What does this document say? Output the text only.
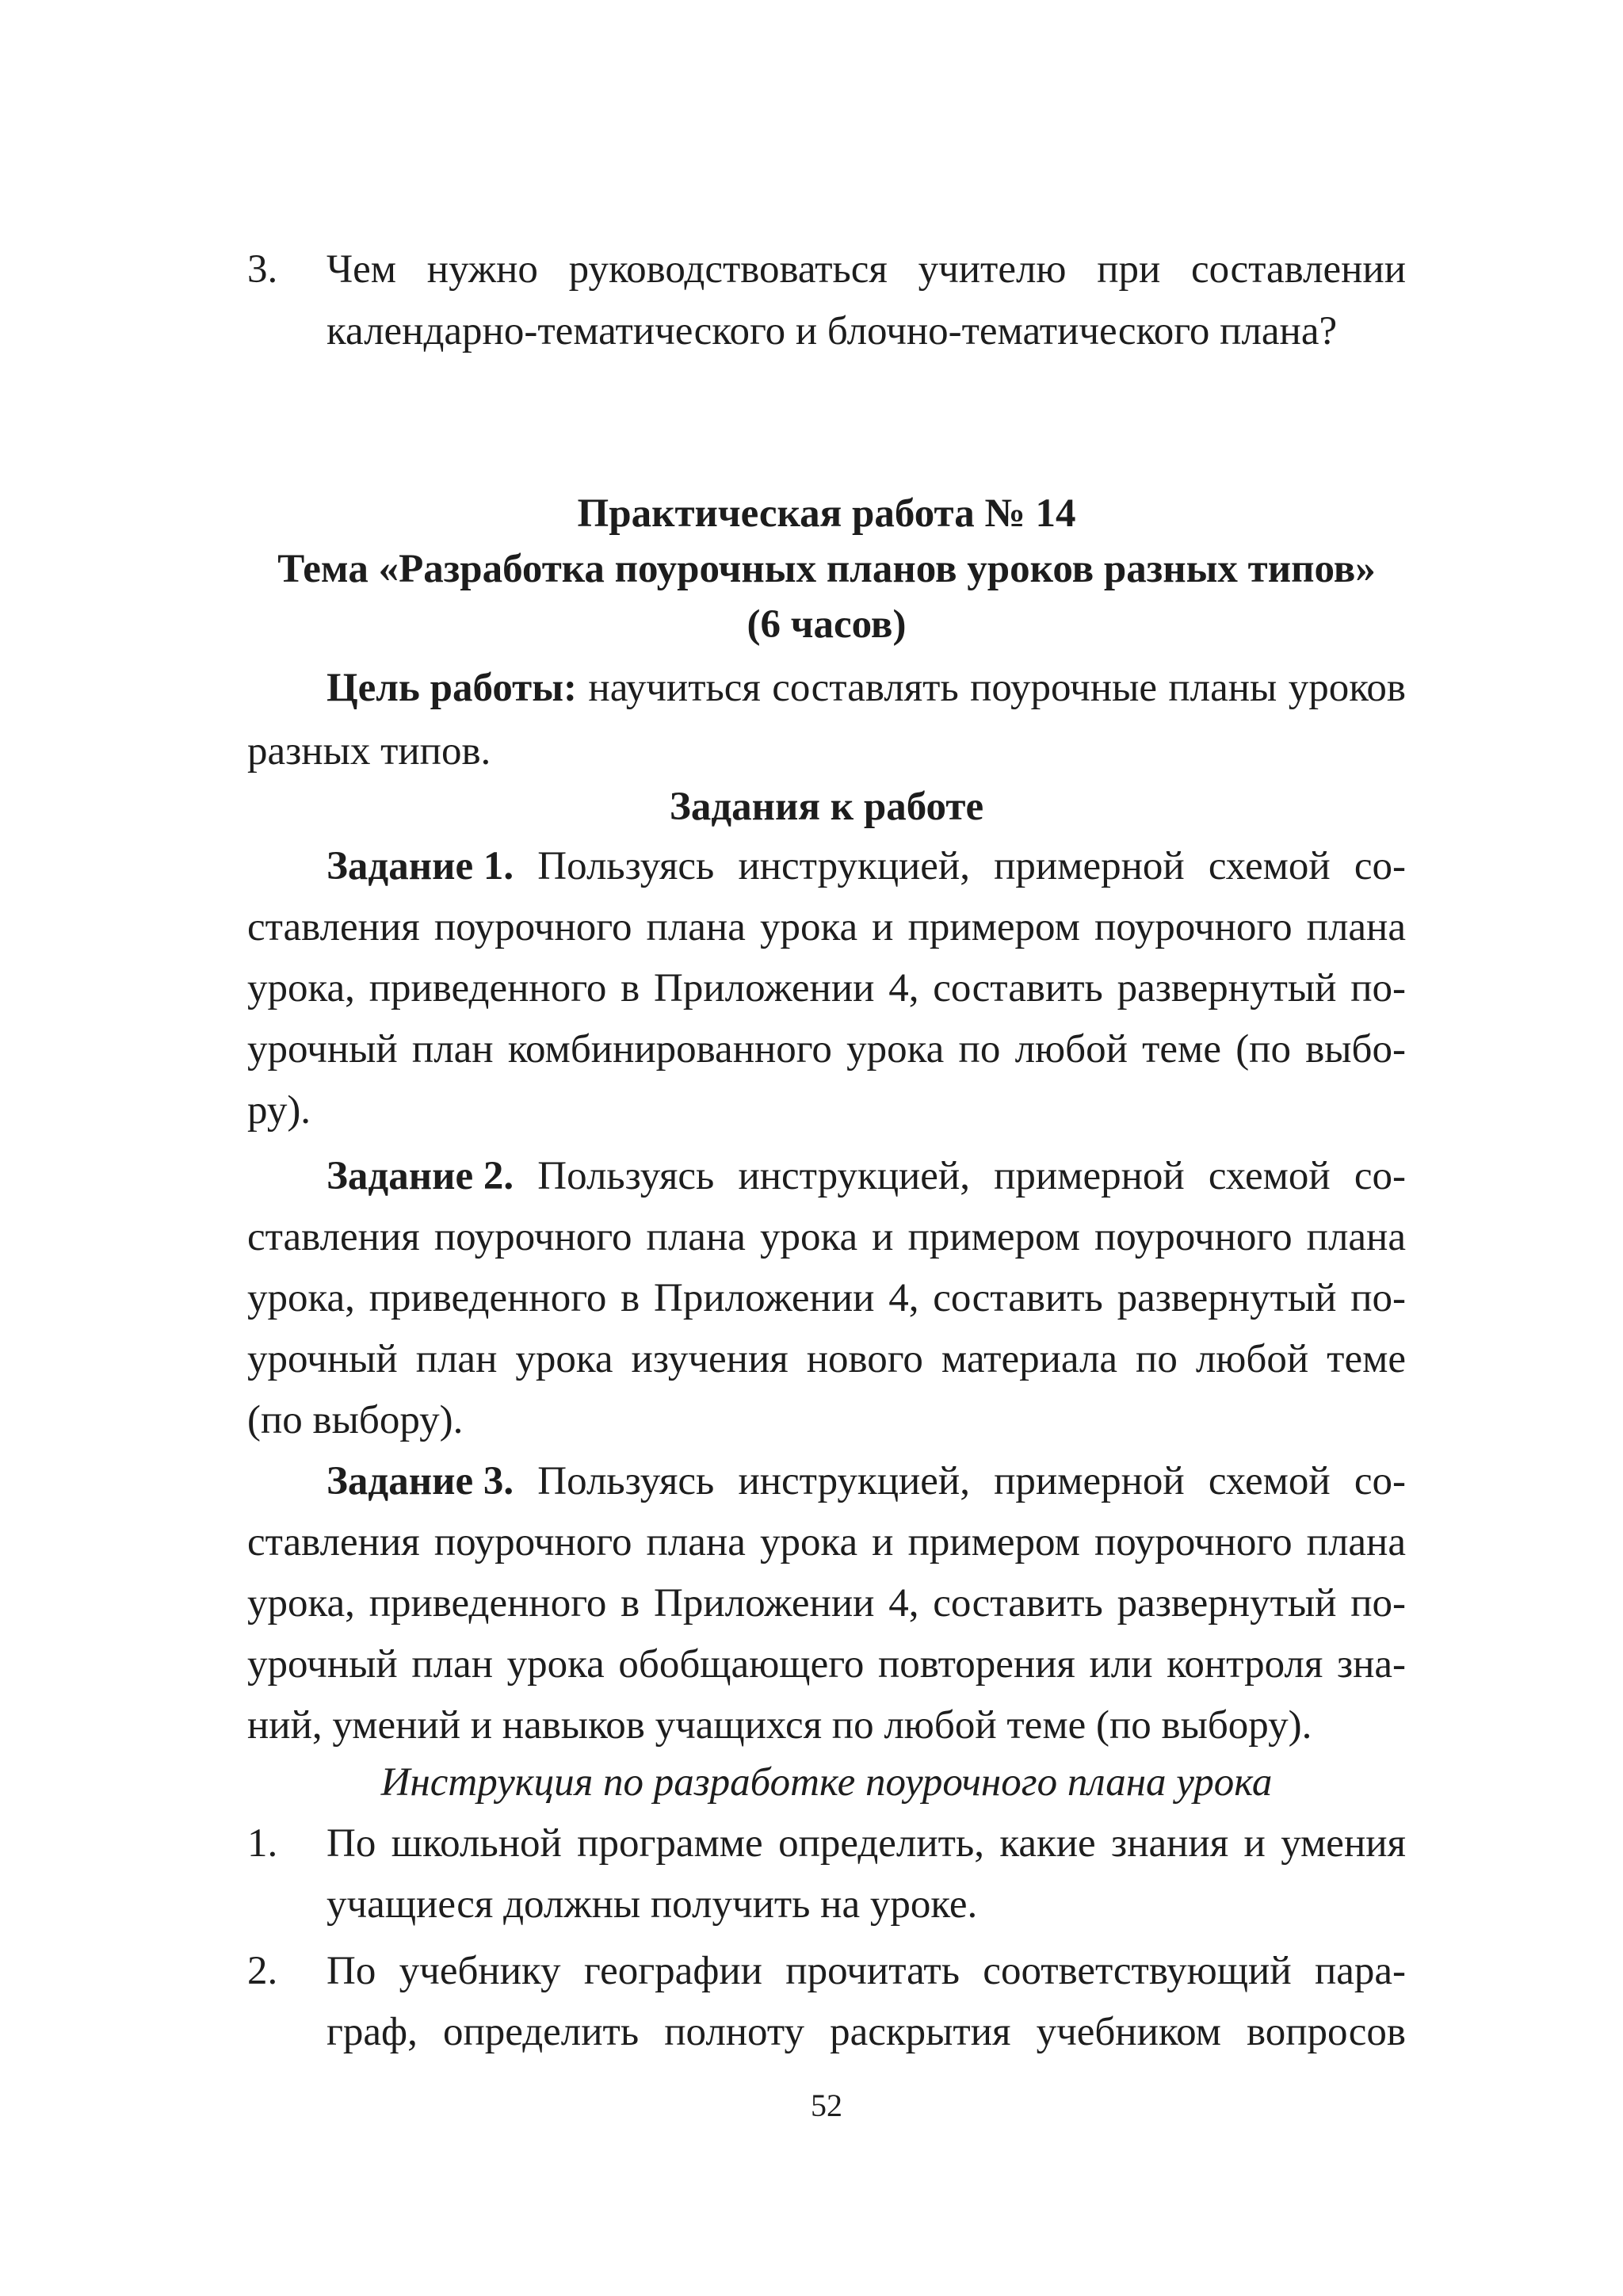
3. Чем нужно руководствоваться учителю при составлении
календарно-тематического и блочно-тематического плана?
Практическая работа № 14
Тема «Разработка поурочных планов уроков разных типов»
(6 часов)
Цель работы: научиться составлять поурочные планы уроков
разных типов.
Задания к работе
Задание 1. Пользуясь инструкцией, примерной схемой со-
ставления поурочного плана урока и примером поурочного плана
урока, приведенного в Приложении 4, составить развернутый по-
урочный план комбинированного урока по любой теме (по выбо-
ру).
Задание 2. Пользуясь инструкцией, примерной схемой со-
ставления поурочного плана урока и примером поурочного плана
урока, приведенного в Приложении 4, составить развернутый по-
урочный план урока изучения нового материала по любой теме
(по выбору).
Задание 3. Пользуясь инструкцией, примерной схемой со-
ставления поурочного плана урока и примером поурочного плана
урока, приведенного в Приложении 4, составить развернутый по-
урочный план урока обобщающего повторения или контроля зна-
ний, умений и навыков учащихся по любой теме (по выбору).
Инструкция по разработке поурочного плана урока
1. По школьной программе определить, какие знания и умения
учащиеся должны получить на уроке.
2. По учебнику географии прочитать соответствующий пара-
граф, определить полноту раскрытия учебником вопросов
52
